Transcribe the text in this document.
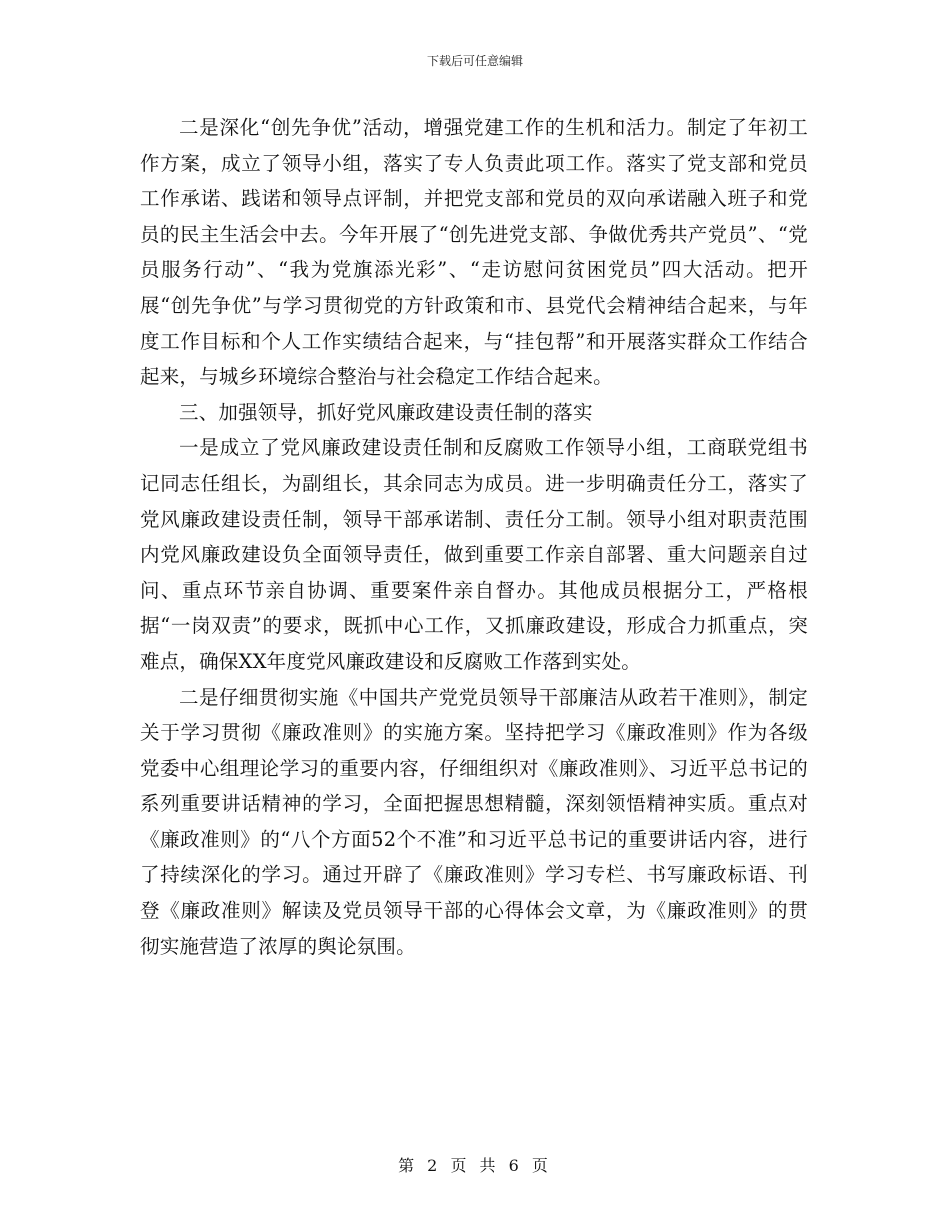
下载后可任意编辑

二是深化“创先争优”活动，增强党建工作的生机和活力。制定了年初工作方案，成立了领导小组，落实了专人负责此项工作。落实了党支部和党员工作承诺、践诺和领导点评制，并把党支部和党员的双向承诺融入班子和党员的民主生活会中去。今年开展了“创先进党支部、争做优秀共产党员”、“党员服务行动”、“我为党旗添光彩”、“走访慰问贫困党员”四大活动。把开展“创先争优”与学习贯彻党的方针政策和市、县党代会精神结合起来，与年度工作目标和个人工作实绩结合起来，与“挂包帮”和开展落实群众工作结合起来，与城乡环境综合整治与社会稳定工作结合起来。

三、加强领导，抓好党风廉政建设责任制的落实

一是成立了党风廉政建设责任制和反腐败工作领导小组，工商联党组书记同志任组长，为副组长，其余同志为成员。进一步明确责任分工，落实了党风廉政建设责任制，领导干部承诺制、责任分工制。领导小组对职责范围内党风廉政建设负全面领导责任，做到重要工作亲自部署、重大问题亲自过问、重点环节亲自协调、重要案件亲自督办。其他成员根据分工，严格根据“一岗双责”的要求，既抓中心工作，又抓廉政建设，形成合力抓重点，突难点，确保XX年度党风廉政建设和反腐败工作落到实处。

二是仔细贯彻实施《中国共产党党员领导干部廉洁从政若干准则》，制定关于学习贯彻《廉政准则》的实施方案。坚持把学习《廉政准则》作为各级党委中心组理论学习的重要内容，仔细组织对《廉政准则》、习近平总书记的系列重要讲话精神的学习，全面把握思想精髓，深刻领悟精神实质。重点对《廉政准则》的“八个方面52个不准”和习近平总书记的重要讲话内容，进行了持续深化的学习。通过开辟了《廉政准则》学习专栏、书写廉政标语、刊登《廉政准则》解读及党员领导干部的心得体会文章，为《廉政准则》的贯彻实施营造了浓厚的舆论氛围。

第 2 页 共 6 页
